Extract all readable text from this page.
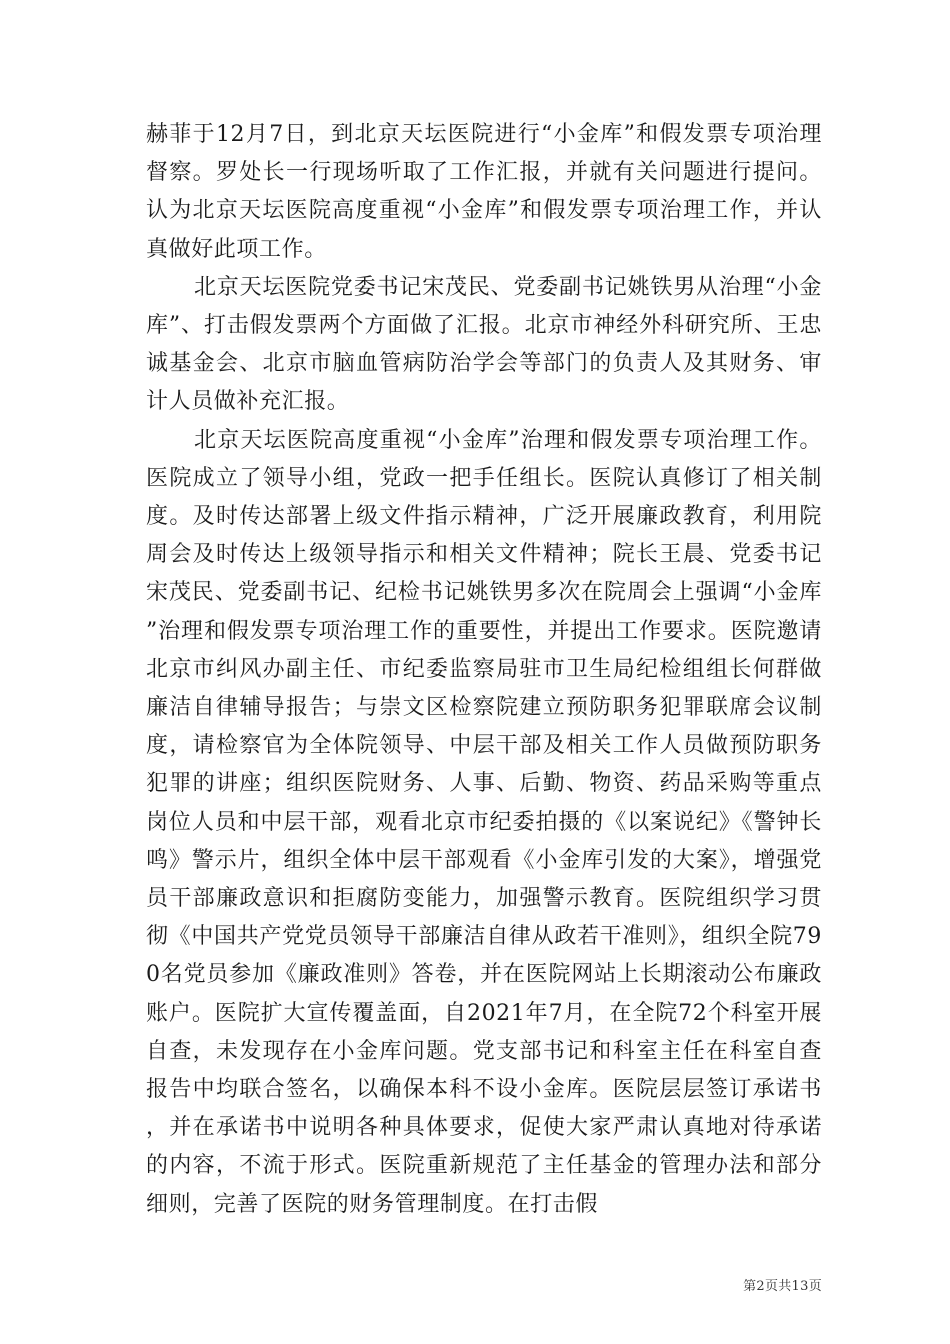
赫菲于12月7日，到北京天坛医院进行“小金库”和假发票专项治理督察。罗处长一行现场听取了工作汇报，并就有关问题进行提问。认为北京天坛医院高度重视“小金库”和假发票专项治理工作，并认真做好此项工作。

北京天坛医院党委书记宋茂民、党委副书记姚铁男从治理“小金库”、打击假发票两个方面做了汇报。北京市神经外科研究所、王忠诚基金会、北京市脑血管病防治学会等部门的负责人及其财务、审计人员做补充汇报。

北京天坛医院高度重视“小金库”治理和假发票专项治理工作。医院成立了领导小组，党政一把手任组长。医院认真修订了相关制度。及时传达部署上级文件指示精神，广泛开展廉政教育，利用院周会及时传达上级领导指示和相关文件精神；院长王晨、党委书记宋茂民、党委副书记、纪检书记姚铁男多次在院周会上强调“小金库”治理和假发票专项治理工作的重要性，并提出工作要求。医院邀请北京市纠风办副主任、市纪委监察局驻市卫生局纪检组组长何群做廉洁自律辅导报告；与崇文区检察院建立预防职务犯罪联席会议制度，请检察官为全体院领导、中层干部及相关工作人员做预防职务犯罪的讲座；组织医院财务、人事、后勤、物资、药品采购等重点岗位人员和中层干部，观看北京市纪委拍摄的《以案说纪》《警钟长鸣》警示片，组织全体中层干部观看《小金库引发的大案》，增强党员干部廉政意识和拒腐防变能力，加强警示教育。医院组织学习贯彻《中国共产党党员领导干部廉洁自律从政若干准则》，组织全院790名党员参加《廉政准则》答卷，并在医院网站上长期滚动公布廉政账户。医院扩大宣传覆盖面，自2021年7月，在全院72个科室开展自查，未发现存在小金库问题。党支部书记和科室主任在科室自查报告中均联合签名，以确保本科不设小金库。医院层层签订承诺书，并在承诺书中说明各种具体要求，促使大家严肃认真地对待承诺的内容，不流于形式。医院重新规范了主任基金的管理办法和部分细则，完善了医院的财务管理制度。在打击假

第2页共13页
